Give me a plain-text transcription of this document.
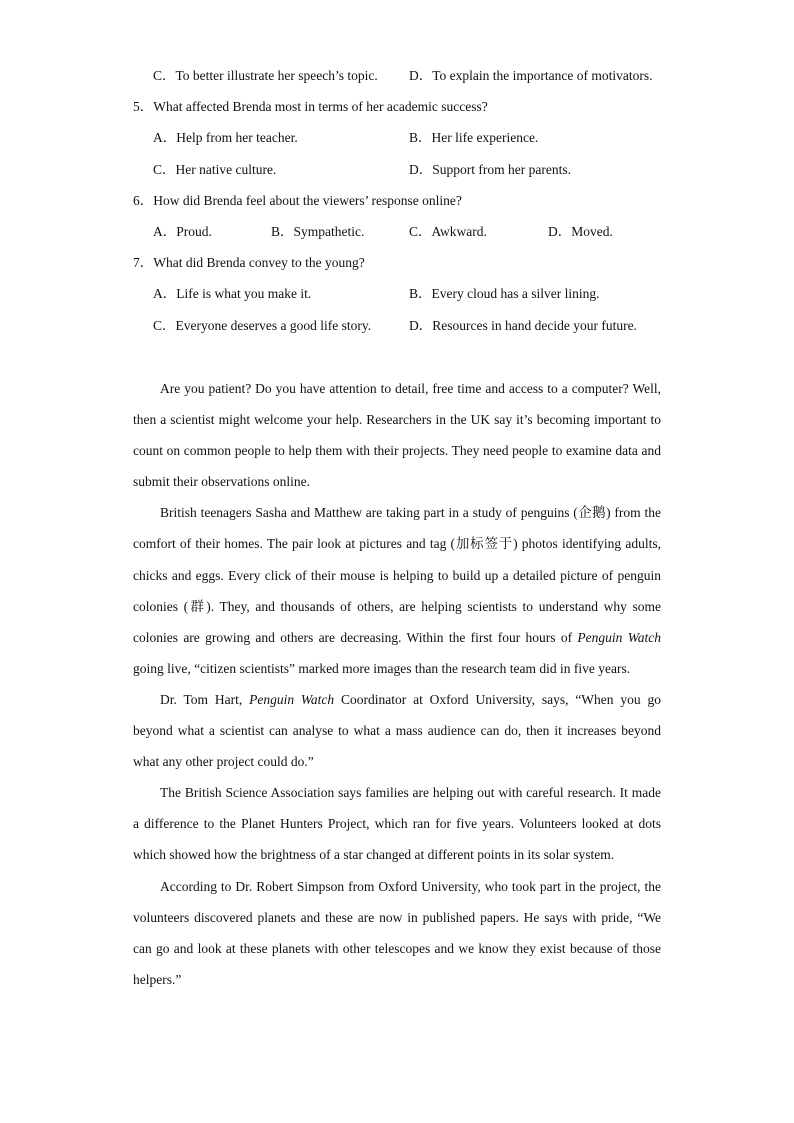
C．To better illustrate her speech’s topic. D．To explain the importance of motivators.
5．What affected Brenda most in terms of her academic success?
A．Help from her teacher.	B．Her life experience.
C．Her native culture.	D．Support from her parents.
6．How did Brenda feel about the viewers’ response online?
A．Proud.	B．Sympathetic.	C．Awkward.	D．Moved.
7．What did Brenda convey to the young?
A．Life is what you make it.	B．Every cloud has a silver lining.
C．Everyone deserves a good life story.	D．Resources in hand decide your future.

Are you patient? Do you have attention to detail, free time and access to a computer? Well, then a scientist might welcome your help. Researchers in the UK say it’s becoming important to count on common people to help them with their projects. They need people to examine data and submit their observations online.

British teenagers Sasha and Matthew are taking part in a study of penguins (企鹅) from the comfort of their homes. The pair look at pictures and tag (加标签于) photos identifying adults, chicks and eggs. Every click of their mouse is helping to build up a detailed picture of penguin colonies (群). They, and thousands of others, are helping scientists to understand why some colonies are growing and others are decreasing. Within the first four hours of Penguin Watch going live, “citizen scientists” marked more images than the research team did in five years.

Dr. Tom Hart, Penguin Watch Coordinator at Oxford University, says, “When you go beyond what a scientist can analyse to what a mass audience can do, then it increases beyond what any other project could do.”

The British Science Association says families are helping out with careful research. It made a difference to the Planet Hunters Project, which ran for five years. Volunteers looked at dots which showed how the brightness of a star changed at different points in its solar system.

According to Dr. Robert Simpson from Oxford University, who took part in the project, the volunteers discovered planets and these are now in published papers. He says with pride, “We can go and look at these planets with other telescopes and we know they exist because of those helpers.”
